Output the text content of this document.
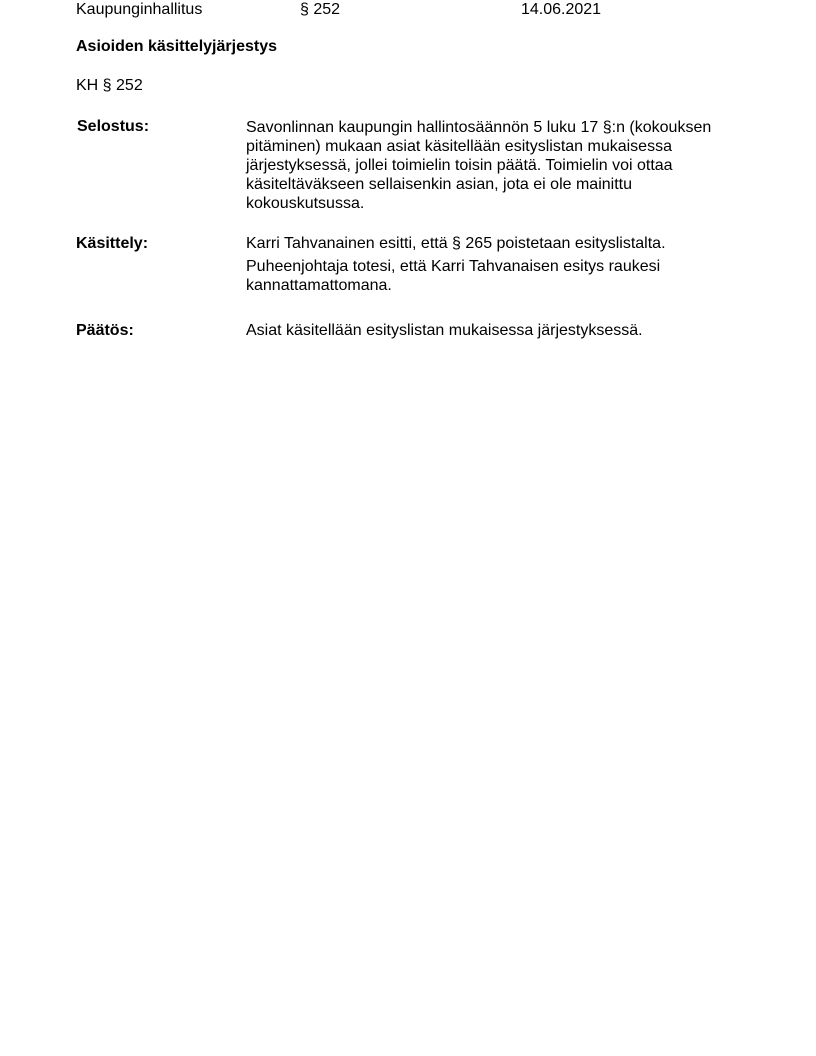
Kaupunginhallitus	§ 252	14.06.2021
Asioiden käsittelyjärjestys
KH § 252
Selostus:	Savonlinnan kaupungin hallintosäännön 5 luku 17 §:n (kokouksen
pitäminen) mukaan asiat käsitellään esityslistan mukaisessa
järjestyksessä, jollei toimielin toisin päätä. Toimielin voi ottaa
käsiteltäväkseen sellaisenkin asian, jota ei ole mainittu
kokouskutsussa.
Käsittely:	Karri Tahvanainen esitti, että § 265 poistetaan esityslistalta.
Puheenjohtaja totesi, että Karri Tahvanaisen esitys raukesi
kannattamattomana.
Päätös:	Asiat käsitellään esityslistan mukaisessa järjestyksessä.
